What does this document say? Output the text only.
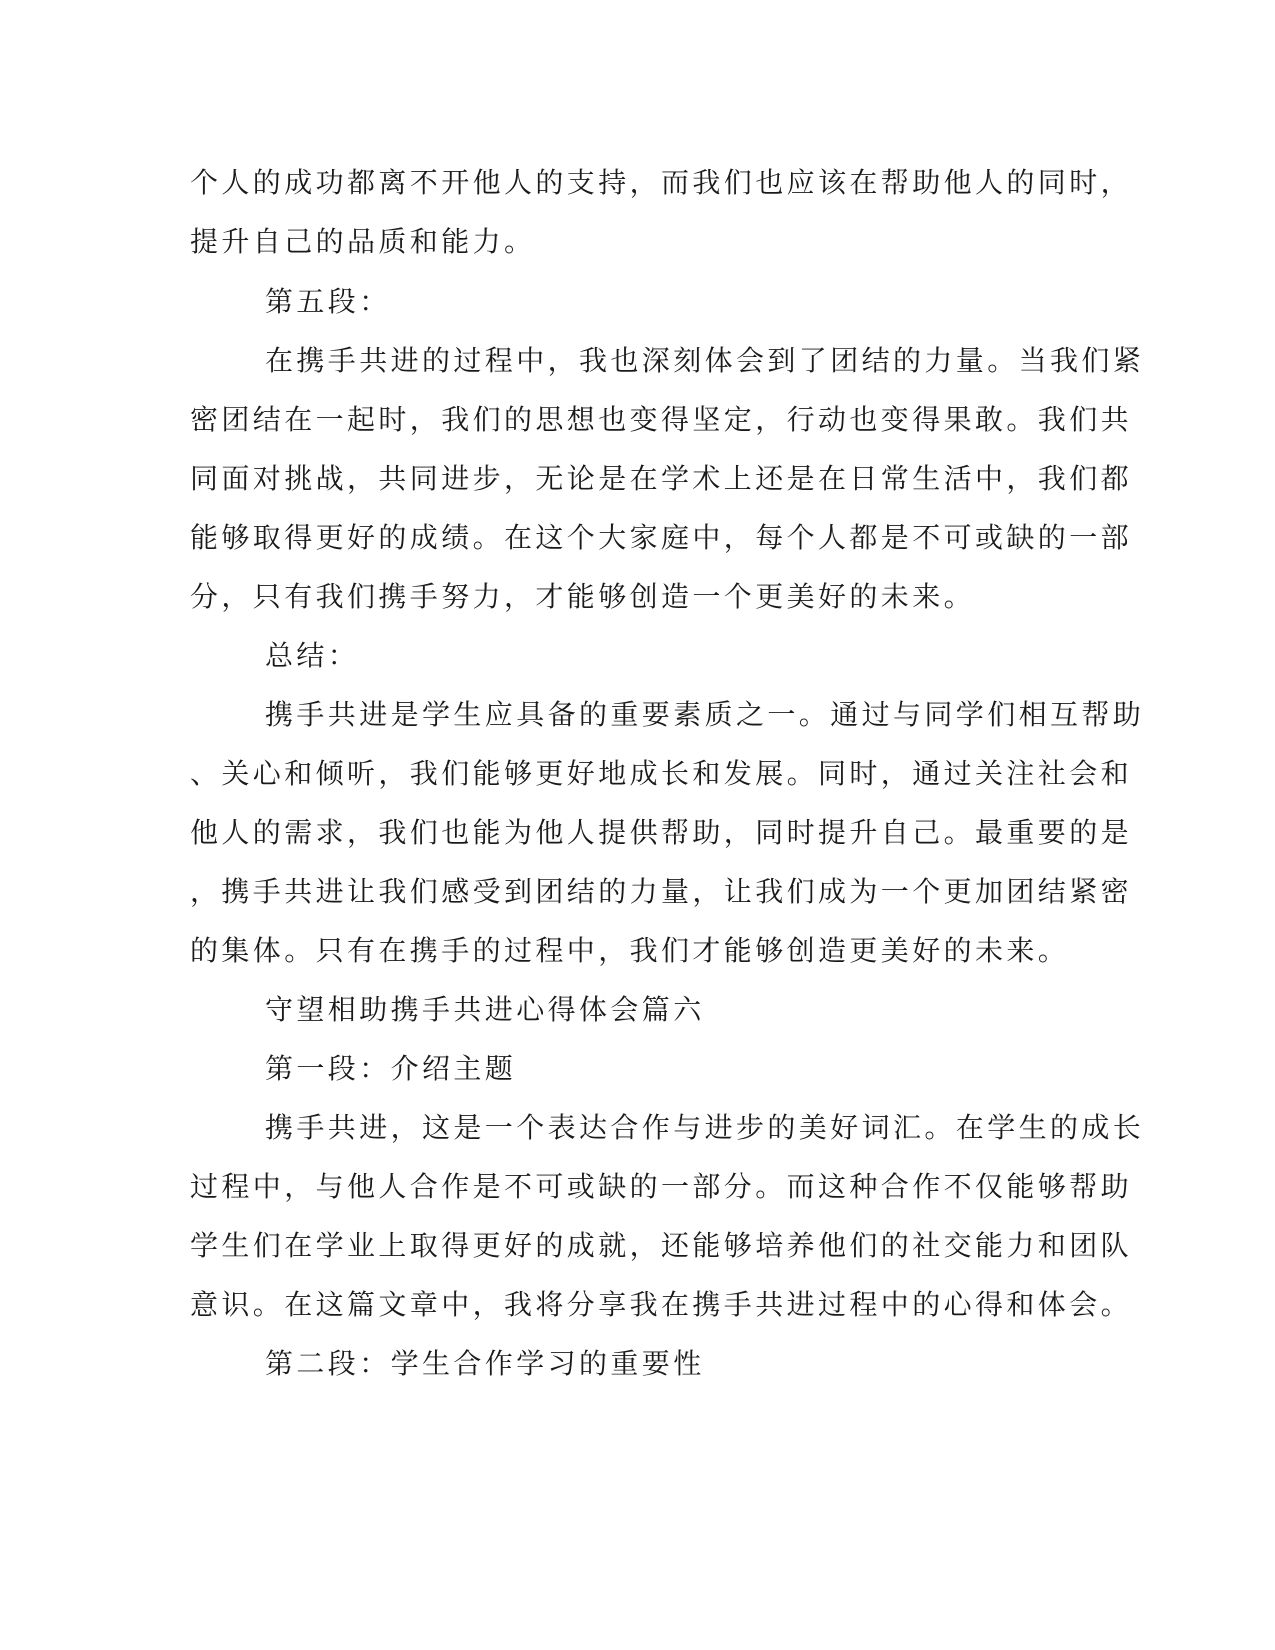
个人的成功都离不开他人的支持，而我们也应该在帮助他人的同时，
提升自己的品质和能力。
第五段：
在携手共进的过程中，我也深刻体会到了团结的力量。当我们紧
密团结在一起时，我们的思想也变得坚定，行动也变得果敢。我们共
同面对挑战，共同进步，无论是在学术上还是在日常生活中，我们都
能够取得更好的成绩。在这个大家庭中，每个人都是不可或缺的一部
分，只有我们携手努力，才能够创造一个更美好的未来。
总结：
携手共进是学生应具备的重要素质之一。通过与同学们相互帮助
、关心和倾听，我们能够更好地成长和发展。同时，通过关注社会和
他人的需求，我们也能为他人提供帮助，同时提升自己。最重要的是
，携手共进让我们感受到团结的力量，让我们成为一个更加团结紧密
的集体。只有在携手的过程中，我们才能够创造更美好的未来。
守望相助携手共进心得体会篇六
第一段：介绍主题
携手共进，这是一个表达合作与进步的美好词汇。在学生的成长
过程中，与他人合作是不可或缺的一部分。而这种合作不仅能够帮助
学生们在学业上取得更好的成就，还能够培养他们的社交能力和团队
意识。在这篇文章中，我将分享我在携手共进过程中的心得和体会。
第二段：学生合作学习的重要性
